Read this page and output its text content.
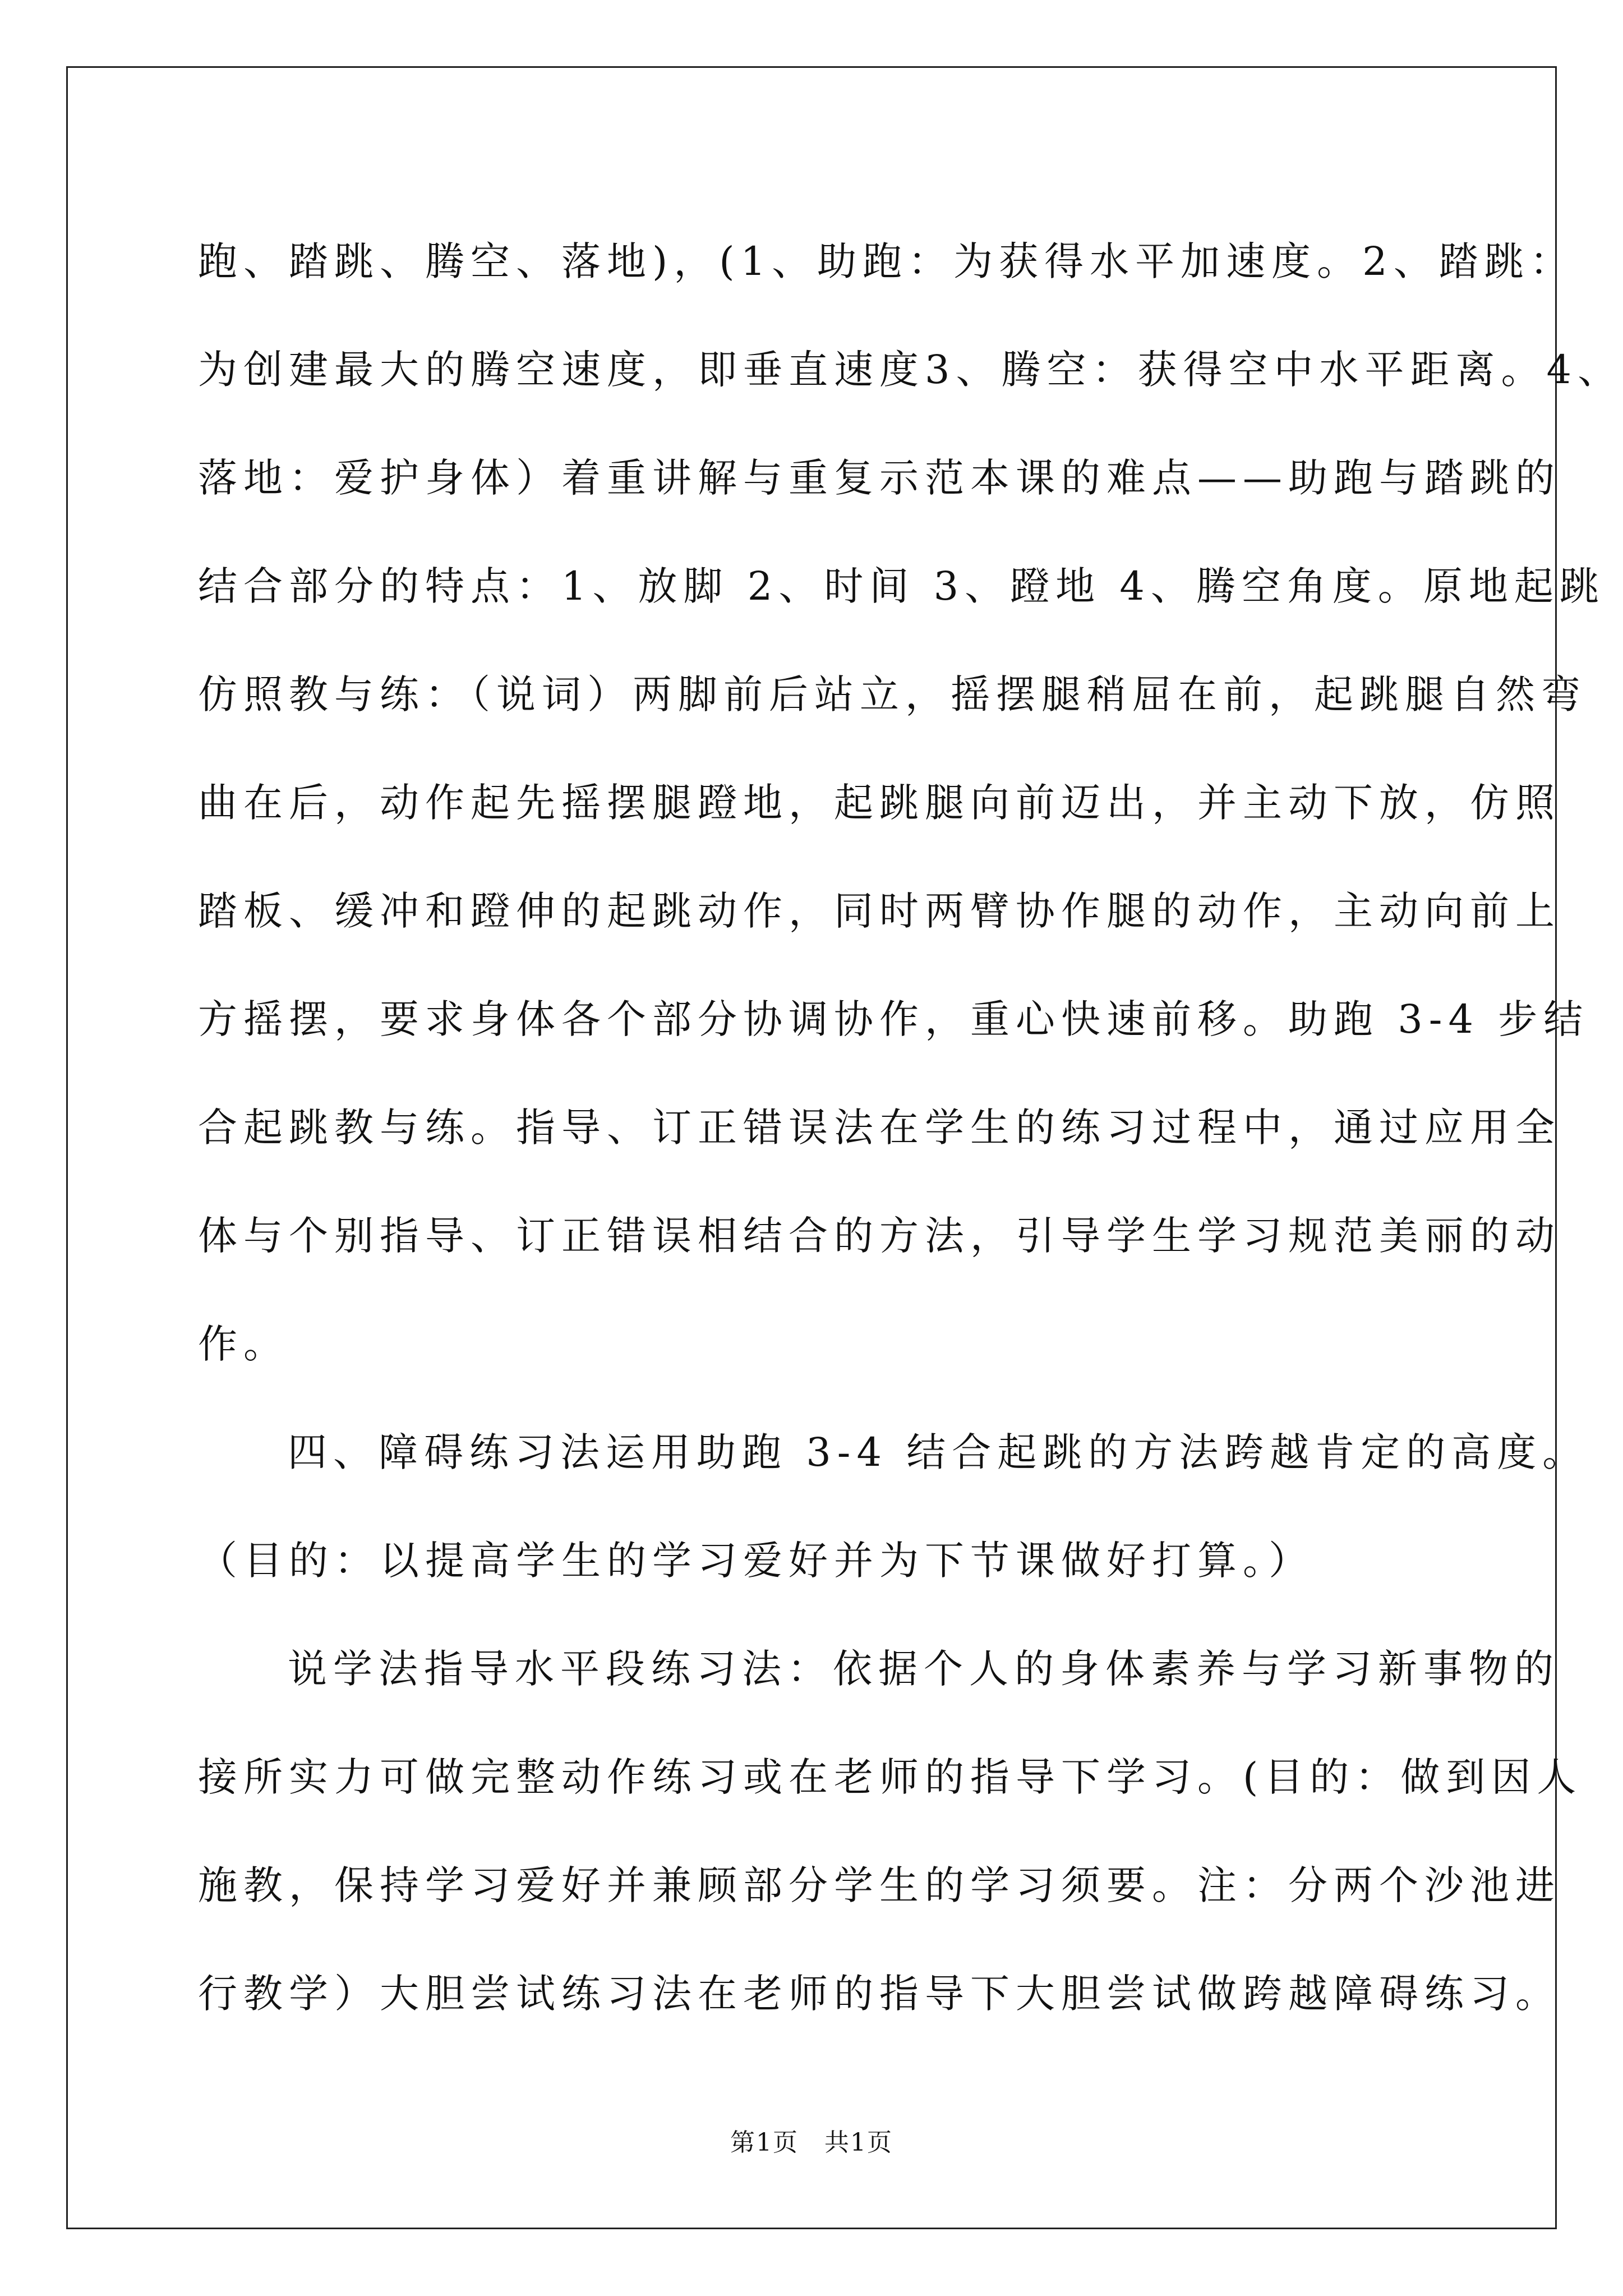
跑、踏跳、腾空、落地)，(1、助跑：为获得水平加速度。2、踏跳：
为创建最大的腾空速度，即垂直速度3、腾空：获得空中水平距离。4、
落地：爱护身体）着重讲解与重复示范本课的难点——助跑与踏跳的
结合部分的特点：1、放脚 2、时间 3、蹬地 4、腾空角度。原地起跳
仿照教与练：（说词）两脚前后站立，摇摆腿稍屈在前，起跳腿自然弯
曲在后，动作起先摇摆腿蹬地，起跳腿向前迈出，并主动下放，仿照
踏板、缓冲和蹬伸的起跳动作，同时两臂协作腿的动作，主动向前上
方摇摆，要求身体各个部分协调协作，重心快速前移。助跑 3-4 步结
合起跳教与练。指导、订正错误法在学生的练习过程中，通过应用全
体与个别指导、订正错误相结合的方法，引导学生学习规范美丽的动
作。
四、障碍练习法运用助跑 3-4 结合起跳的方法跨越肯定的高度。
（目的：以提高学生的学习爱好并为下节课做好打算。）
说学法指导水平段练习法：依据个人的身体素养与学习新事物的
接所实力可做完整动作练习或在老师的指导下学习。(目的：做到因人
施教，保持学习爱好并兼顾部分学生的学习须要。注：分两个沙池进
行教学）大胆尝试练习法在老师的指导下大胆尝试做跨越障碍练习。
第1页 共1页
